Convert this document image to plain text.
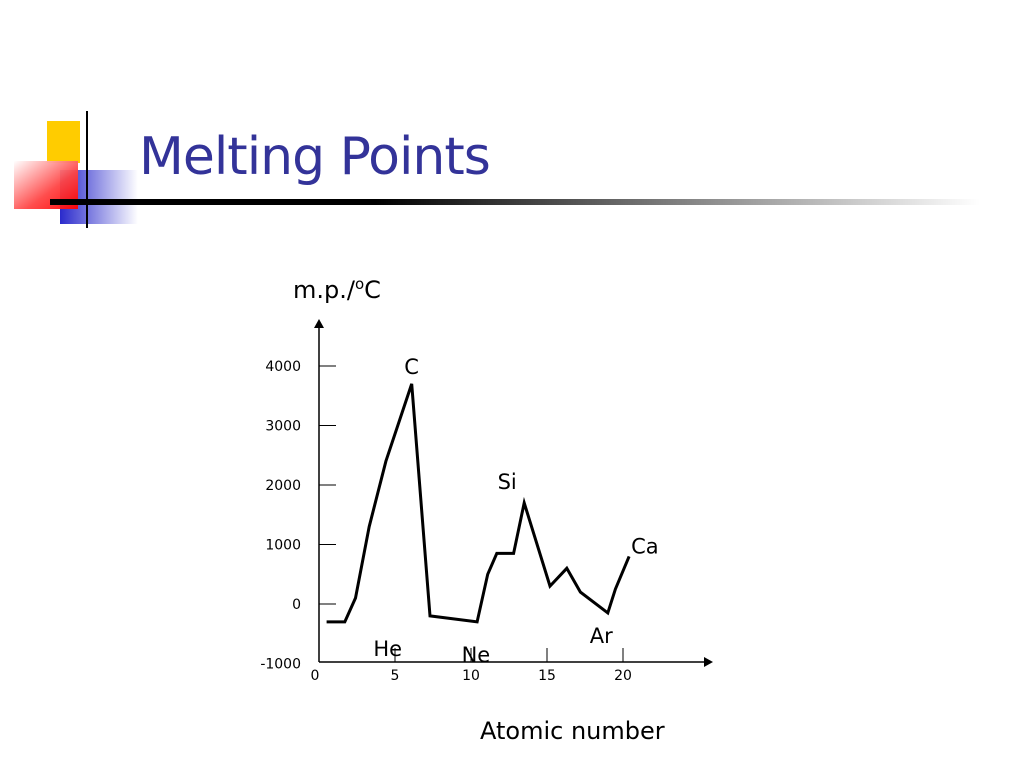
Melting Points
4000
3000
2000
1000
0
-1000
0	5	10	15	20
He
C
Ne
Si
Ar
Ca
m.p./$^o$C
Atomic number
